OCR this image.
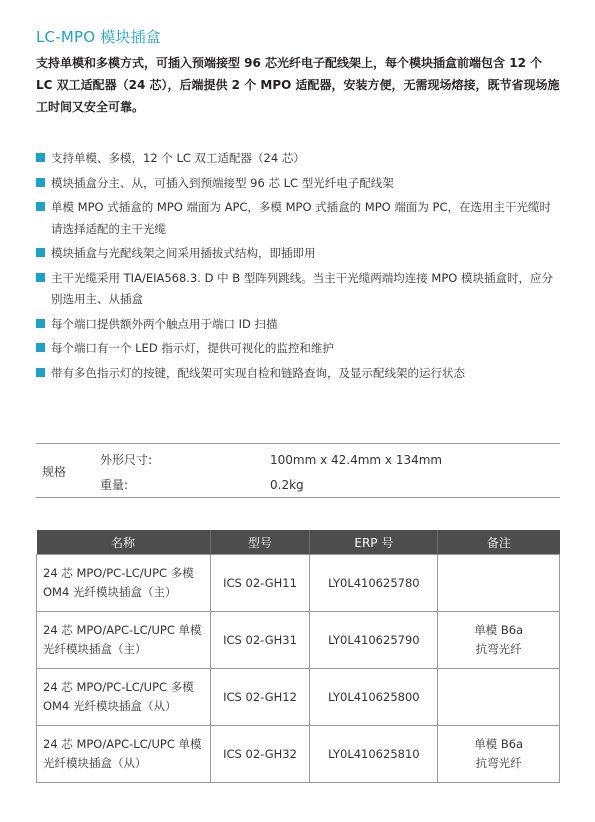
LC-MPO 模块插盒
支持单模和多模方式，可插入预端接型 96 芯光纤电子配线架上，每个模块插盒前端包含 12 个 LC 双工适配器（24 芯），后端提供 2 个 MPO 适配器，安装方便，无需现场熔接，既节省现场施工时间又安全可靠。
支持单模、多模，12 个 LC 双工适配器（24 芯）
模块插盒分主、从，可插入到预端接型 96 芯 LC 型光纤电子配线架
单模 MPO 式插盒的 MPO 端面为 APC，多模 MPO 式插盒的 MPO 端面为 PC，在选用主干光缆时请选择适配的主干光缆
模块插盒与光配线架之间采用插拔式结构，即插即用
主干光缆采用 TIA/EIA568.3. D 中 B 型阵列跳线。当主干光缆两端均连接 MPO 模块插盒时，应分别选用主、从插盒
每个端口提供额外两个触点用于端口 ID 扫描
每个端口有一个 LED 指示灯，提供可视化的监控和维护
带有多色指示灯的按键，配线架可实现自检和链路查询，及显示配线架的运行状态
规格
外形尺寸:	100mm x 42.4mm x 134mm
重量:	0.2kg
名称	型号	ERP 号	备注
24 芯 MPO/PC-LC/UPC 多模
OM4 光纤模块插盒（主）	ICS 02-GH11	LY0L410625780	

24 芯 MPO/APC-LC/UPC 单模
光纤模块插盒（主）	ICS 02-GH31	LY0L410625790	单模 B6a
抗弯光纤
24 芯 MPO/PC-LC/UPC 多模
OM4 光纤模块插盒（从）	ICS 02-GH12	LY0L410625800	

24 芯 MPO/APC-LC/UPC 单模
光纤模块插盒（从）	ICS 02-GH32	LY0L410625810	单模 B6a
抗弯光纤
